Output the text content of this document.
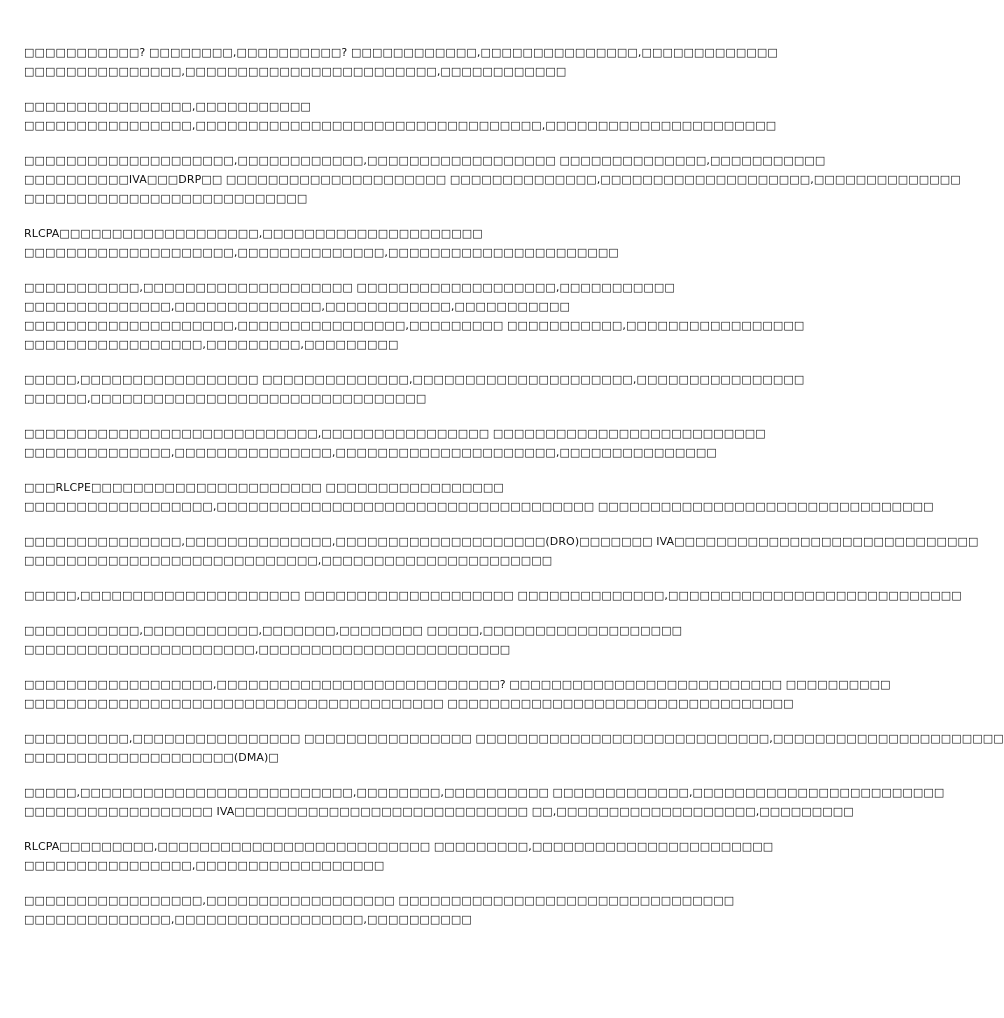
□□□□□□□□□□□? □□□□□□□□,□□□□□□□□□□? □□□□□□□□□□□□,□□□□□□□□□□□□□□□,□□□□□□□□□□□□□
□□□□□□□□□□□□□□□,□□□□□□□□□□□□□□□□□□□□□□□□,□□□□□□□□□□□□
□□□□□□□□□□□□□□□□,□□□□□□□□□□□
□□□□□□□□□□□□□□□□,□□□□□□□□□□□□□□□□□□□□□□□□□□□□□□□□□,□□□□□□□□□□□□□□□□□□□□□□
□□□□□□□□□□□□□□□□□□□□,□□□□□□□□□□□□,□□□□□□□□□□□□□□□□□□ □□□□□□□□□□□□□□,□□□□□□□□□□□
□□□□□□□□□□IVA□□□DRP□□ □□□□□□□□□□□□□□□□□□□□□ □□□□□□□□□□□□□□,□□□□□□□□□□□□□□□□□□□□,□□□□□□□□□□□□□□
□□□□□□□□□□□□□□□□□□□□□□□□□□□
RLCPA□□□□□□□□□□□□□□□□□□□,□□□□□□□□□□□□□□□□□□□□□
□□□□□□□□□□□□□□□□□□□□,□□□□□□□□□□□□□□,□□□□□□□□□□□□□□□□□□□□□□
□□□□□□□□□□□,□□□□□□□□□□□□□□□□□□□□ □□□□□□□□□□□□□□□□□□□,□□□□□□□□□□□
□□□□□□□□□□□□□□,□□□□□□□□□□□□□□,□□□□□□□□□□□□,□□□□□□□□□□□
□□□□□□□□□□□□□□□□□□□□,□□□□□□□□□□□□□□□□,□□□□□□□□□ □□□□□□□□□□□,□□□□□□□□□□□□□□□□□
□□□□□□□□□□□□□□□□□,□□□□□□□□□,□□□□□□□□□
□□□□□,□□□□□□□□□□□□□□□□□ □□□□□□□□□□□□□□,□□□□□□□□□□□□□□□□□□□□□,□□□□□□□□□□□□□□□□
□□□□□□,□□□□□□□□□□□□□□□□□□□□□□□□□□□□□□□□
□□□□□□□□□□□□□□□□□□□□□□□□□□□□,□□□□□□□□□□□□□□□□ □□□□□□□□□□□□□□□□□□□□□□□□□□
□□□□□□□□□□□□□□,□□□□□□□□□□□□□□□,□□□□□□□□□□□□□□□□□□□□□,□□□□□□□□□□□□□□□
□□□RLCPE□□□□□□□□□□□□□□□□□□□□□□ □□□□□□□□□□□□□□□□□
□□□□□□□□□□□□□□□□□□,□□□□□□□□□□□□□□□□□□□□□□□□□□□□□□□□□□□□ □□□□□□□□□□□□□□□□□□□□□□□□□□□□□□□□
□□□□□□□□□□□□□□□,□□□□□□□□□□□□□□,□□□□□□□□□□□□□□□□□□□□(DRO)□□□□□□□ IVA□□□□□□□□□□□□□□□□□□□□□□□□□□□□□
□□□□□□□□□□□□□□□□□□□□□□□□□□□□,□□□□□□□□□□□□□□□□□□□□□□
□□□□□,□□□□□□□□□□□□□□□□□□□□□ □□□□□□□□□□□□□□□□□□□□ □□□□□□□□□□□□□□,□□□□□□□□□□□□□□□□□□□□□□□□□□□□
□□□□□□□□□□□,□□□□□□□□□□□,□□□□□□□,□□□□□□□□ □□□□□,□□□□□□□□□□□□□□□□□□□
□□□□□□□□□□□□□□□□□□□□□□,□□□□□□□□□□□□□□□□□□□□□□□□
□□□□□□□□□□□□□□□□□□,□□□□□□□□□□□□□□□□□□□□□□□□□□□? □□□□□□□□□□□□□□□□□□□□□□□□□□ □□□□□□□□□□
□□□□□□□□□□□□□□□□□□□□□□□□□□□□□□□□□□□□□□□□ □□□□□□□□□□□□□□□□□□□□□□□□□□□□□□□□□
□□□□□□□□□□,□□□□□□□□□□□□□□□□ □□□□□□□□□□□□□□□□ □□□□□□□□□□□□□□□□□□□□□□□□□□□□,□□□□□□□□□□□□□□□□□□□□□□
□□□□□□□□□□□□□□□□□□□□(DMA)□
□□□□□,□□□□□□□□□□□□□□□□□□□□□□□□□□,□□□□□□□□,□□□□□□□□□□ □□□□□□□□□□□□□,□□□□□□□□□□□□□□□□□□□□□□□□
□□□□□□□□□□□□□□□□□□ IVA□□□□□□□□□□□□□□□□□□□□□□□□□□□□ □□,□□□□□□□□□□□□□□□□□□□,□□□□□□□□□
RLCPA□□□□□□□□□,□□□□□□□□□□□□□□□□□□□□□□□□□□ □□□□□□□□□,□□□□□□□□□□□□□□□□□□□□□□□
□□□□□□□□□□□□□□□□,□□□□□□□□□□□□□□□□□□
□□□□□□□□□□□□□□□□□,□□□□□□□□□□□□□□□□□□ □□□□□□□□□□□□□□□□□□□□□□□□□□□□□□□□
□□□□□□□□□□□□□□,□□□□□□□□□□□□□□□□□□,□□□□□□□□□□
